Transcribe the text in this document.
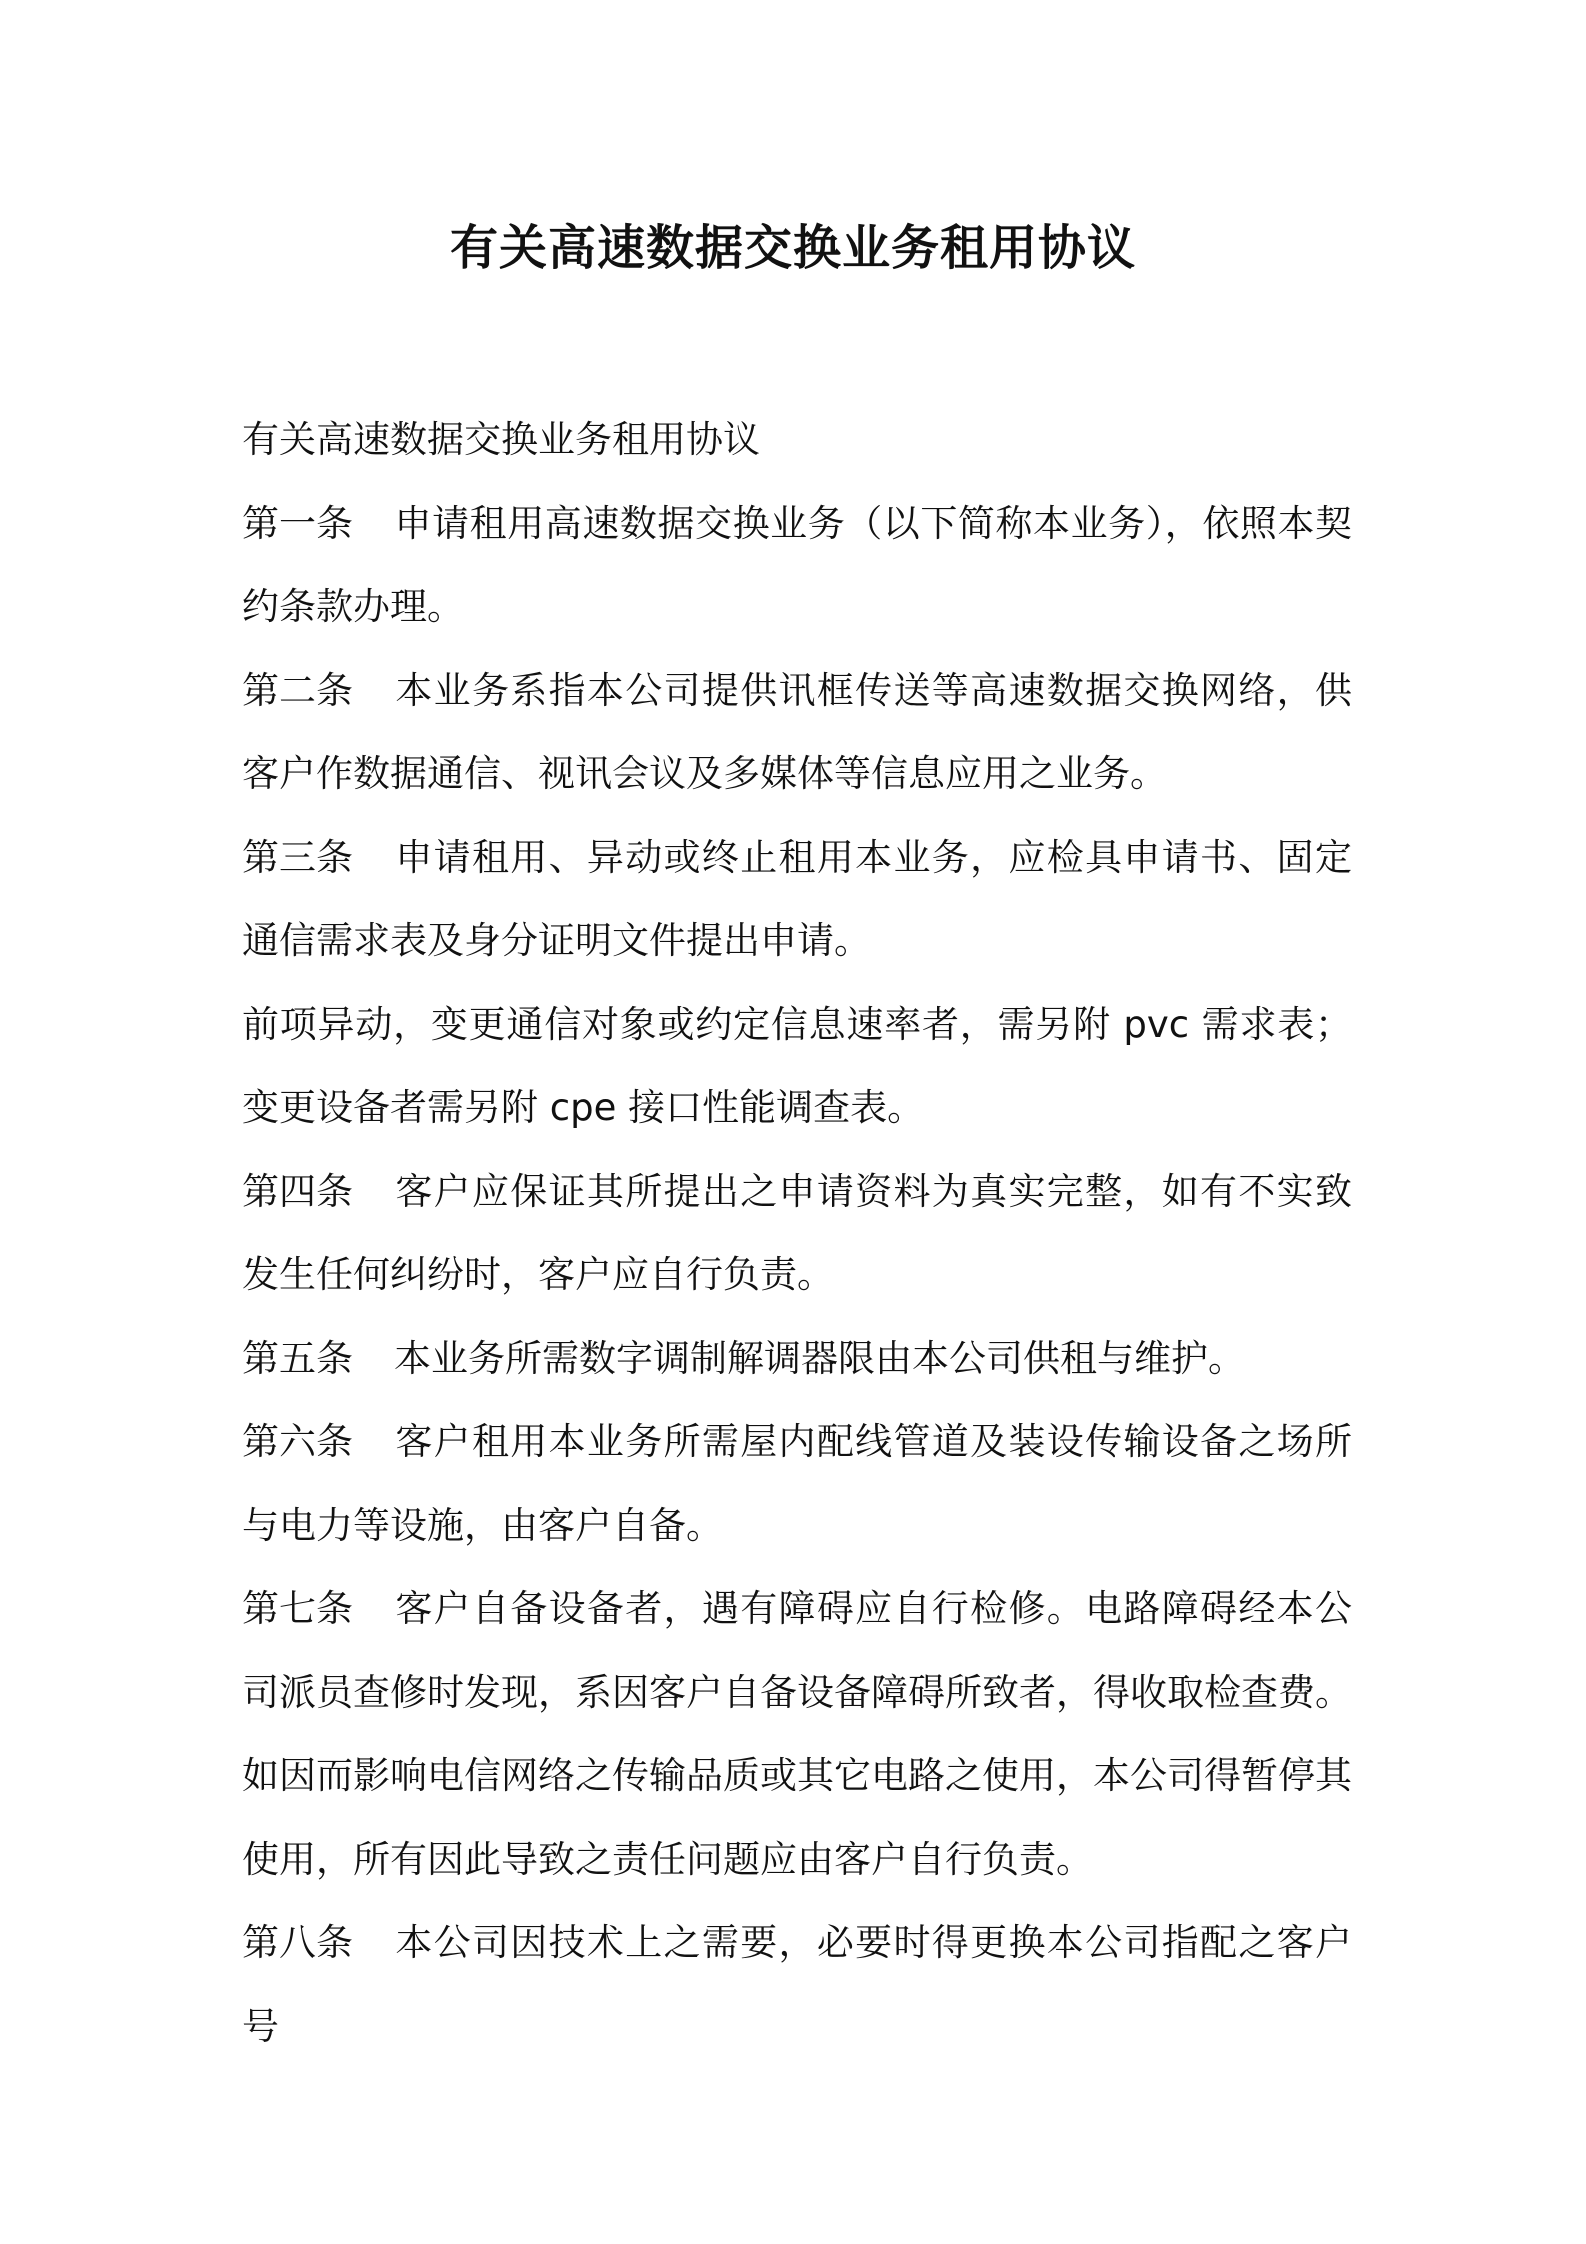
有关高速数据交换业务租用协议

有关高速数据交换业务租用协议

第一条 申请租用高速数据交换业务（以下简称本业务），依照本契约条款办理。

第二条 本业务系指本公司提供讯框传送等高速数据交换网络，供客户作数据通信、视讯会议及多媒体等信息应用之业务。

第三条 申请租用、异动或终止租用本业务，应检具申请书、固定通信需求表及身分证明文件提出申请。

前项异动，变更通信对象或约定信息速率者，需另附 pvc 需求表；变更设备者需另附 cpe 接口性能调查表。

第四条 客户应保证其所提出之申请资料为真实完整，如有不实致发生任何纠纷时，客户应自行负责。

第五条 本业务所需数字调制解调器限由本公司供租与维护。

第六条 客户租用本业务所需屋内配线管道及装设传输设备之场所与电力等设施，由客户自备。

第七条 客户自备设备者，遇有障碍应自行检修。电路障碍经本公司派员查修时发现，系因客户自备设备障碍所致者，得收取检查费。如因而影响电信网络之传输品质或其它电路之使用，本公司得暂停其使用，所有因此导致之责任问题应由客户自行负责。

第八条 本公司因技术上之需要，必要时得更换本公司指配之客户号
